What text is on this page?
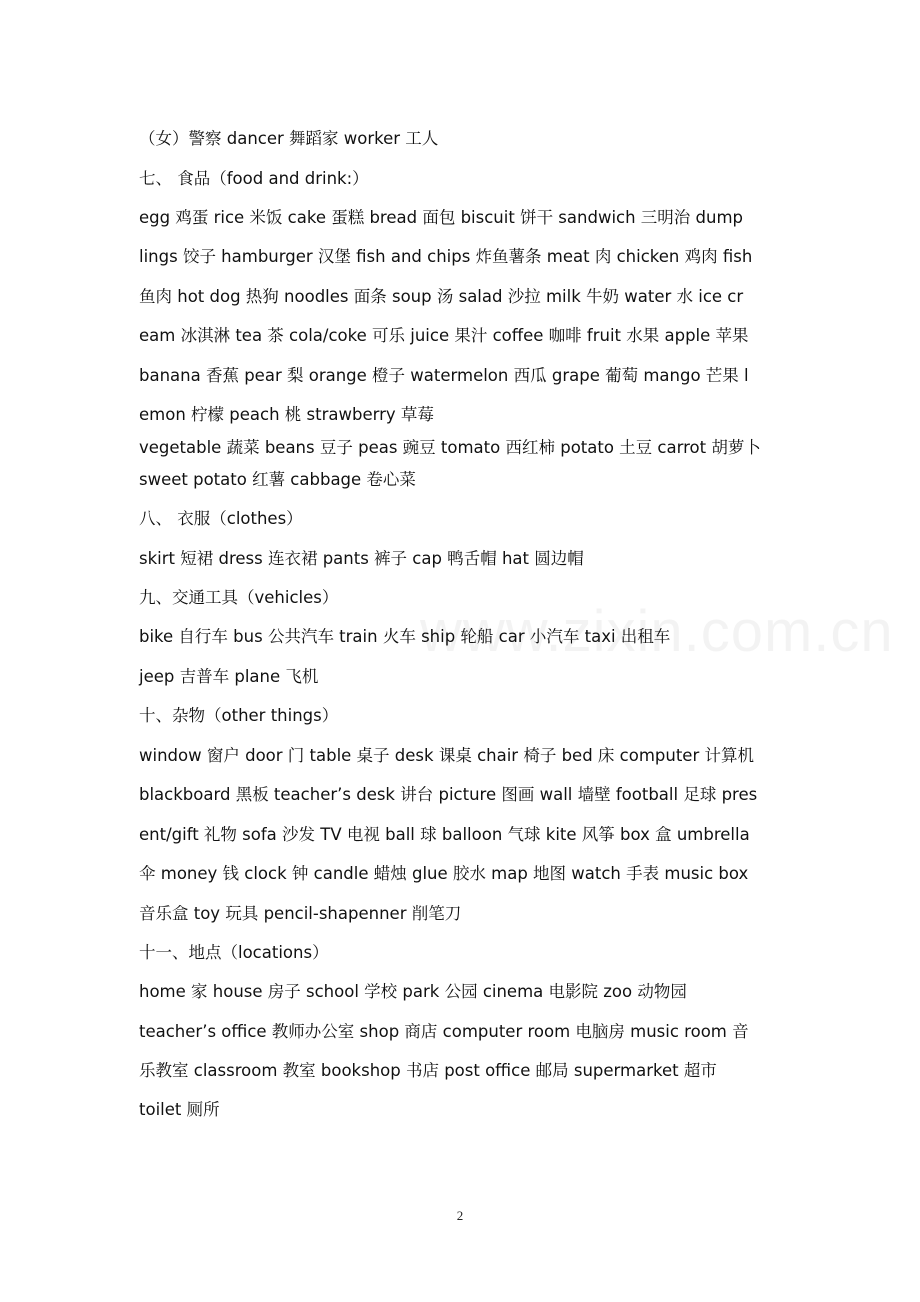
（女）警察 dancer 舞蹈家 worker 工人
七、 食品（food and drink:）
egg 鸡蛋 rice 米饭 cake 蛋糕 bread 面包 biscuit 饼干 sandwich 三明治 dump
lings 饺子 hamburger 汉堡 fish and chips 炸鱼薯条 meat 肉 chicken 鸡肉 fish
鱼肉 hot dog 热狗 noodles 面条 soup 汤 salad 沙拉 milk 牛奶 water 水 ice cr
eam 冰淇淋 tea 茶 cola/coke 可乐 juice 果汁 coffee 咖啡 fruit 水果 apple 苹果
banana 香蕉 pear 梨 orange 橙子 watermelon 西瓜 grape 葡萄 mango 芒果 l
emon 柠檬 peach 桃 strawberry 草莓
vegetable 蔬菜 beans 豆子 peas 豌豆 tomato 西红柿 potato 土豆 carrot 胡萝卜
sweet potato 红薯 cabbage 卷心菜
八、 衣服（clothes）
skirt 短裙 dress 连衣裙 pants 裤子 cap 鸭舌帽 hat 圆边帽
九、交通工具（vehicles）
bike 自行车 bus 公共汽车 train 火车 ship 轮船 car 小汽车 taxi 出租车
jeep 吉普车 plane 飞机
十、杂物（other things）
window 窗户 door 门 table 桌子 desk 课桌 chair 椅子 bed 床 computer 计算机
blackboard 黑板 teacher’s desk 讲台 picture 图画 wall 墙壁 football 足球 pres
ent/gift 礼物 sofa 沙发 TV 电视 ball 球 balloon 气球 kite 风筝 box 盒 umbrella
伞 money 钱 clock 钟 candle 蜡烛 glue 胶水 map 地图 watch 手表 music box
音乐盒 toy 玩具 pencil-shapenner 削笔刀
十一、地点（locations）
home 家 house 房子 school 学校 park 公园 cinema 电影院 zoo 动物园
teacher’s office 教师办公室 shop 商店 computer room 电脑房 music room 音
乐教室 classroom 教室 bookshop 书店 post office 邮局 supermarket 超市
toilet 厕所
2
